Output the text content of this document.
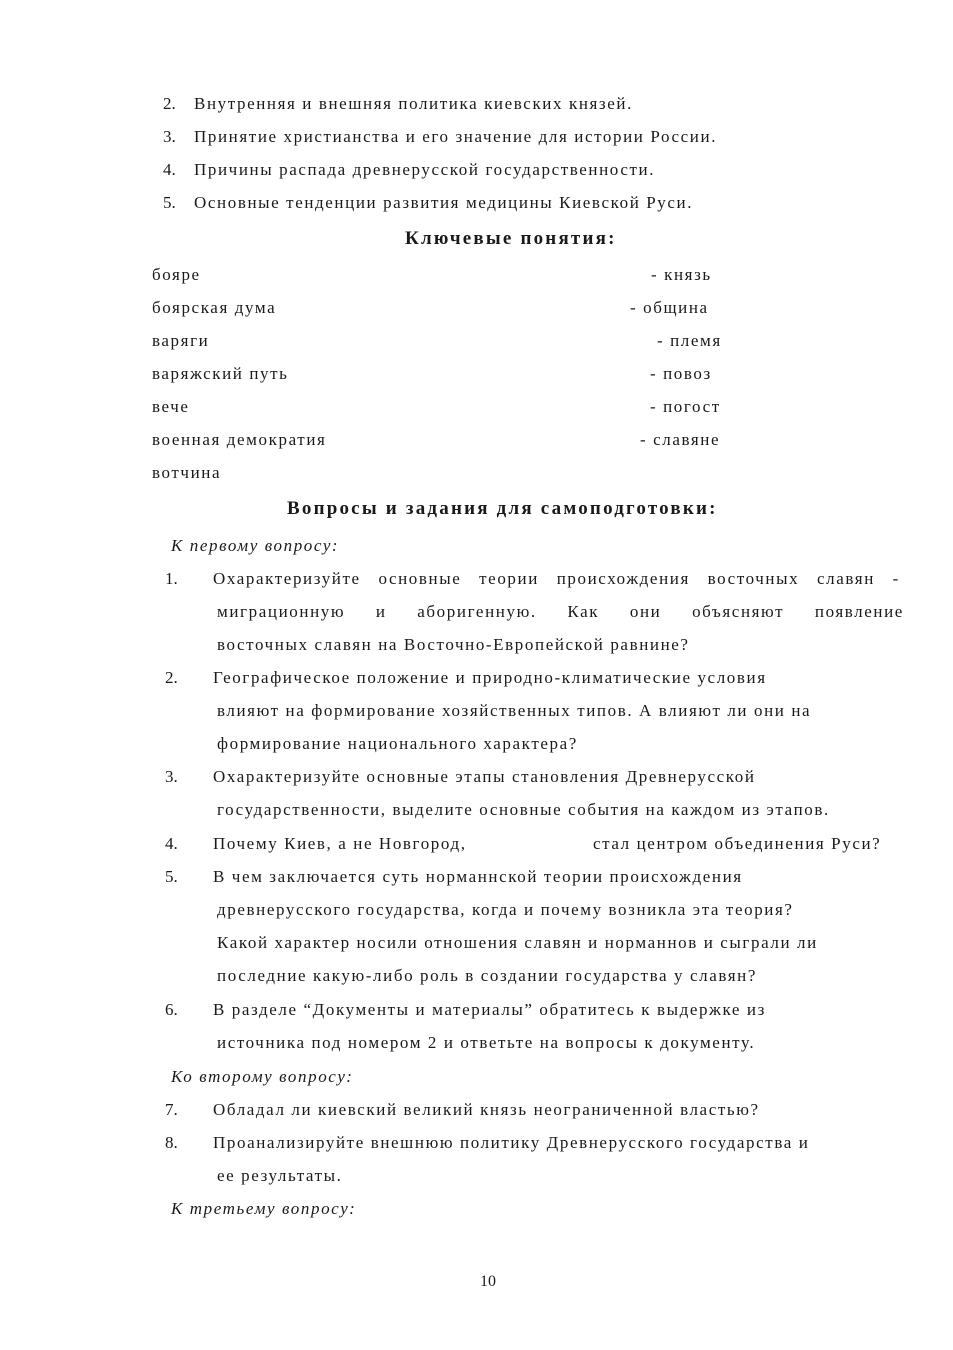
2. Внутренняя и внешняя политика киевских князей.
3. Принятие христианства и его значение для истории России.
4. Причины распада древнерусской государственности.
5. Основные тенденции развития медицины Киевской Руси.
Ключевые понятия:
бояре
боярская дума
варяги
варяжский путь
вече
военная демократия
вотчина
- князь
- община
- племя
- повоз
- погост
- славяне
Вопросы и задания для самоподготовки:
К первому вопросу:
1. Охарактеризуйте основные теории происхождения восточных славян -
миграционную и аборигенную. Как они объясняют появление
восточных славян на Восточно-Европейской равнине?
2. Географическое положение и природно-климатические условия
влияют на формирование хозяйственных типов. А влияют ли они на
формирование национального характера?
3. Охарактеризуйте основные этапы становления Древнерусской
государственности, выделите основные события на каждом из этапов.
4. Почему Киев, а не Новгород,	стал центром объединения Руси?
5. В чем заключается суть норманнской теории происхождения
древнерусского государства, когда и почему возникла эта теория?
Какой характер носили отношения славян и норманнов и сыграли ли
последние какую-либо роль в создании государства у славян?
6. В разделе “Документы и материалы” обратитесь к выдержке из
источника под номером 2 и ответьте на вопросы к документу.
Ко второму вопросу:
7. Обладал ли киевский великий князь неограниченной властью?
8. Проанализируйте внешнюю политику Древнерусского государства и
ее результаты.
К третьему вопросу:
10
